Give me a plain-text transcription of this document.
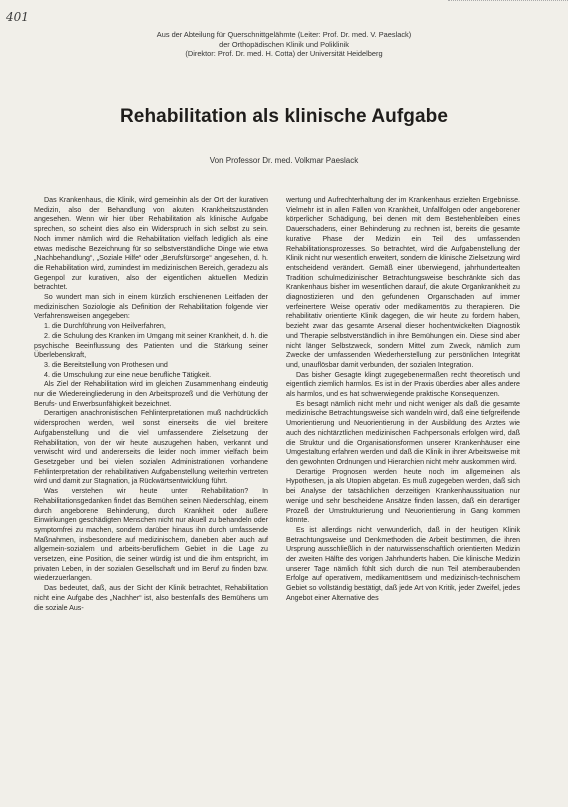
401
Aus der Abteilung für Querschnittgelähmte (Leiter: Prof. Dr. med. V. Paeslack)
der Orthopädischen Klinik und Poliklinik
(Direktor: Prof. Dr. med. H. Cotta) der Universität Heidelberg
Rehabilitation als klinische Aufgabe
Von Professor Dr. med. Volkmar Paeslack

Das Krankenhaus, die Klinik, wird gemeinhin als der Ort der kurativen Medizin, also der Behandlung von akuten Krankheitszuständen angesehen. Wenn wir hier über Rehabilitation als klinische Aufgabe sprechen, so scheint dies also ein Widerspruch in sich selbst zu sein. Noch immer nämlich wird die Rehabilitation vielfach lediglich als eine etwas medische Bezeichnung für so selbstverständliche Dinge wie etwa „Nachbehandlung“, „Soziale Hilfe“ oder „Berufsfürsorge“ angesehen, d. h. die Rehabilitation wird, zumindest im medizinischen Bereich, geradezu als Gegenpol zur kurativen, also der eigentlichen aktuellen Medizin betrachtet.

So wundert man sich in einem kürzlich erschienenen Leitfaden der medizinischen Soziologie als Definition der Rehabilitation folgende vier Verfahrensweisen angegeben:

1. die Durchführung von Heilverfahren,

2. die Schulung des Kranken im Umgang mit seiner Krankheit, d. h. die psychische Beeinflussung des Patienten und die Stärkung seiner Überlebenskraft,

3. die Bereitstellung von Prothesen und

4. die Umschulung zur eine neue berufliche Tätigkeit.

Als Ziel der Rehabilitation wird im gleichen Zusammenhang eindeutig nur die Wiedereingliederung in den Arbeitsprozeß und die Verhütung der Berufs- und Erwerbsunfähigkeit bezeichnet.

Derartigen anachronistischen Fehlinterpretationen muß nachdrücklich widersprochen werden, weil sonst einerseits die viel breitere Aufgabenstellung und die viel umfassendere Zielsetzung der Rehabilitation, von der wir heute auszugehen haben, verkannt und verwischt wird und andererseits die leider noch immer vielfach beim Gesetzgeber und bei vielen sozialen Administrationen vorhandene Fehlinterpretation der rehabilitativen Aufgabenstellung weiterhin vertreten wird und damit zur Stagnation, ja Rückwärtsentwicklung führt.

Was verstehen wir heute unter Rehabilitation? In Rehabilitationsgedanken findet das Bemühen seinen Niederschlag, einem durch angeborene Behinderung, durch Krankheit oder äußere Einwirkungen geschädigten Menschen nicht nur akuell zu behandeln oder symptomfrei zu machen, sondern darüber hinaus ihn durch umfassende Maßnahmen, insbesondere auf medizinischem, daneben aber auch auf allgemein-sozialem und arbeits-beruflichem Gebiet in die Lage zu versetzen, eine Position, die seiner würdig ist und die ihm entspricht, im privaten Leben, in der sozialen Gesellschaft und im Beruf zu finden bzw. wiederzuerlangen.

Das bedeutet, daß, aus der Sicht der Klinik betrachtet, Rehabilitation nicht eine Aufgabe des „Nachher“ ist, also bestenfalls des Bemühens um die soziale Aus-

wertung und Aufrechterhaltung der im Krankenhaus erzielten Ergebnisse. Vielmehr ist in allen Fällen von Krankheit, Unfallfolgen oder angeborener körperlicher Schädigung, bei denen mit dem Bestehenbleiben eines Dauerschadens, einer Behinderung zu rechnen ist, bereits die gesamte kurative Phase der Medizin ein Teil des umfassenden Rehabilitationsprozesses. So betrachtet, wird die Aufgabenstellung der Klinik nicht nur wesentlich erweitert, sondern die klinische Zielsetzung wird entscheidend verändert. Gemäß einer überwiegend, jahrhundertealten Tradition schulmedizinischer Betrachtungsweise beschränkte sich das Krankenhaus bisher im wesentlichen darauf, die akute Organkrankheit zu diagnostizieren und den gefundenen Organschaden auf immer verfeinertere Weise operativ oder medikamentös zu therapieren. Die rehabilitativ orientierte Klinik dagegen, die wir heute zu fordern haben, bezieht zwar das gesamte Arsenal dieser hochentwickelten Diagnostik und Therapie selbstverständlich in ihre Bemühungen ein. Diese sind aber nicht länger Selbstzweck, sondern Mittel zum Zweck, nämlich zum Zwecke der umfassenden Wiederherstellung zur persönlichen Integrität und, unauflösbar damit verbunden, der sozialen Integration.

Das bisher Gesagte klingt zugegebenermaßen recht theoretisch und eigentlich ziemlich harmlos. Es ist in der Praxis überdies aber alles andere als harmlos, und es hat schwerwiegende praktische Konsequenzen.

Es besagt nämlich nicht mehr und nicht weniger als daß die gesamte medizinische Betrachtungsweise sich wandeln wird, daß eine tiefgreifende Umorientierung und Neuorientierung in der Ausbildung des Arztes wie auch des nichtärztlichen medizinischen Fachpersonals erfolgen wird, daß die Struktur und die Organisationsformen unserer Krankenhäuser eine Umgestaltung erfahren werden und daß die Klinik in ihrer Arbeitsweise mit den gewohnten Ordnungen und Hierarchien nicht mehr auskommen wird.

Derartige Prognosen werden heute noch im allgemeinen als Hypothesen, ja als Utopien abgetan. Es muß zugegeben werden, daß sich bei Analyse der tatsächlichen derzeitigen Krankenhaussituation nur wenige und sehr bescheidene Ansätze finden lassen, daß ein derartiger Prozeß der Umstrukturierung und Neuorientierung in Gang kommen könnte.

Es ist allerdings nicht verwunderlich, daß in der heutigen Klinik Betrachtungsweise und Denkmethoden die Arbeit bestimmen, die ihren Ursprung ausschließlich in der naturwissenschaftlich orientierten Medizin der zweiten Hälfte des vorigen Jahrhunderts haben. Die klinische Medizin unserer Tage nämlich fühlt sich durch die nun Teil atemberaubenden Erfolge auf operativem, medikamentösem und medizinisch-technischem Gebiet so vollständig bestätigt, daß jede Art von Kritik, jeder Zweifel, jedes Angebot einer Alternative des
